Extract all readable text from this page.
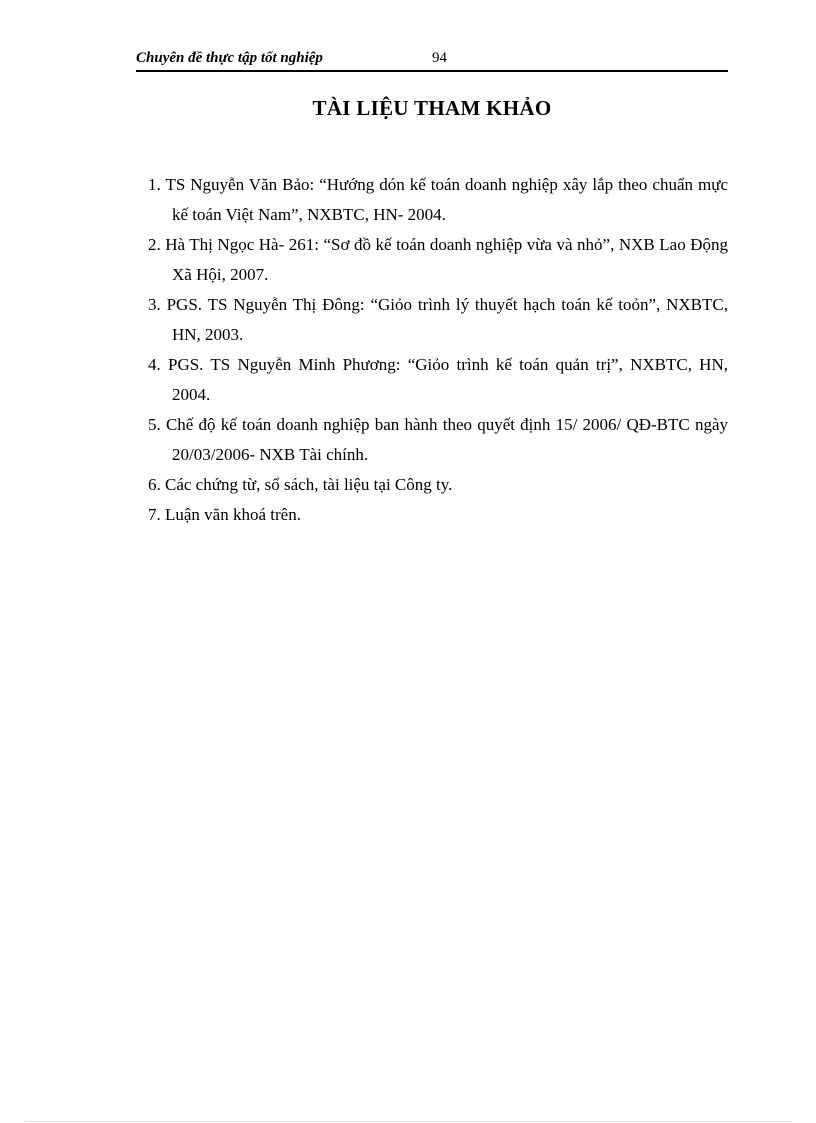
Chuyên đề thực tập tốt nghiệp	94
TÀI LIỆU THAM KHẢO
1. TS Nguyễn Văn Bảo: “Hướng dón kế toán doanh nghiệp xây lắp theo chuẩn mực kế toán Việt Nam”, NXBTC, HN- 2004.
2. Hà Thị Ngọc Hà- 261: “Sơ đồ kế toán doanh nghiệp vừa và nhỏ”, NXB Lao Động Xã Hội, 2007.
3. PGS. TS Nguyễn Thị Đông: “Giỏo trình lý thuyết hạch toán kế toỏn”, NXBTC, HN, 2003.
4. PGS. TS Nguyễn Minh Phương: “Giỏo trình kế toán quản trị”, NXBTC, HN, 2004.
5. Chế độ kế toán doanh nghiệp ban hành theo quyết định 15/ 2006/ QĐ-BTC ngày 20/03/2006- NXB Tài chính.
6. Các chứng từ, sổ sách, tài liệu tại Công ty.
7. Luận văn khoá trên.
